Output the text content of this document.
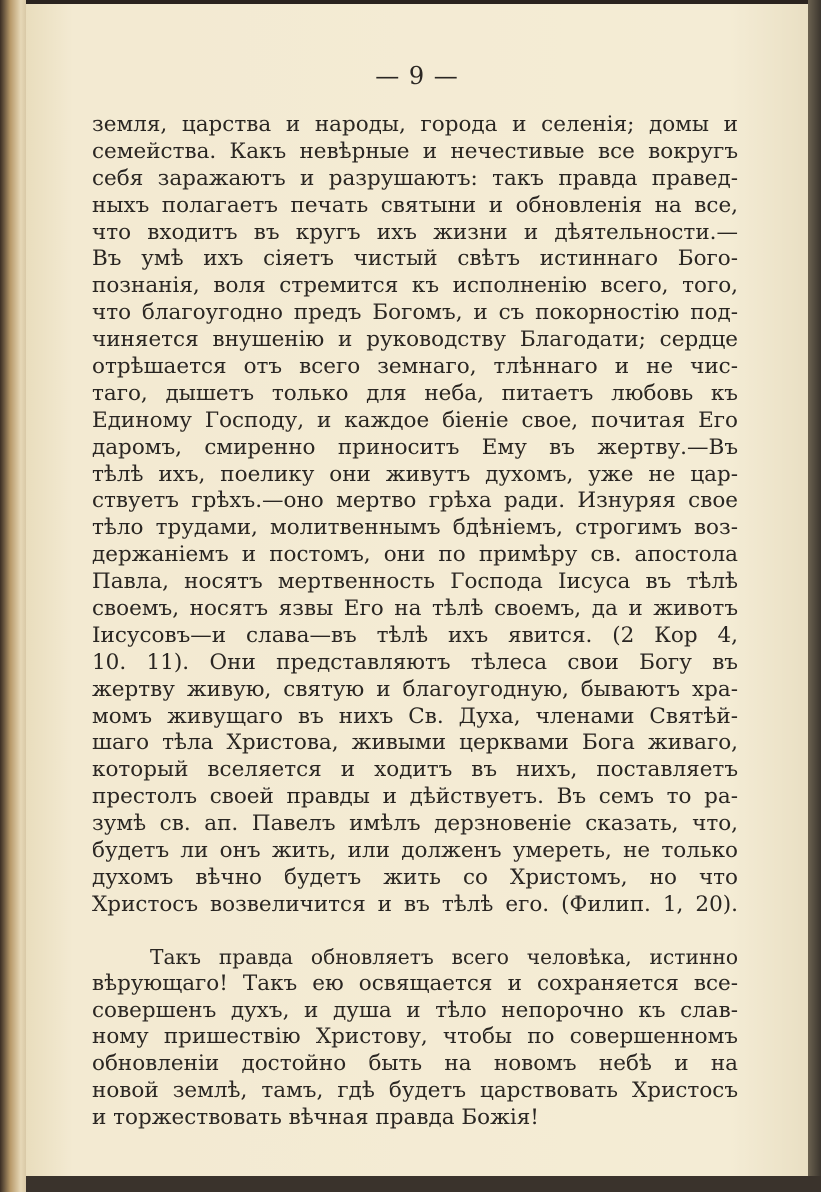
— 9 —
земля, царства и народы, города и селенія; домы и
семейства. Какъ невѣрные и нечестивые все вокругъ
себя заражаютъ и разрушаютъ: такъ правда правед-
ныхъ полагаетъ печать святыни и обновленія на все,
что входитъ въ кругъ ихъ жизни и дѣятельности.—
Въ умѣ ихъ сіяетъ чистый свѣтъ истиннаго Бого-
познанія, воля стремится къ исполненію всего, того,
что благоугодно предъ Богомъ, и съ покорностію под-
чиняется внушенію и руководству Благодати; сердце
отрѣшается отъ всего земнаго, тлѣннаго и не чис-
таго, дышетъ только для неба, питаетъ любовь къ
Единому Господу, и каждое біеніе свое, почитая Его
даромъ, смиренно приноситъ Ему въ жертву.—Въ
тѣлѣ ихъ, поелику они живутъ духомъ, уже не цар-
ствуетъ грѣхъ.—оно мертво грѣха ради. Изнуряя свое
тѣло трудами, молитвеннымъ бдѣніемъ, строгимъ воз-
держаніемъ и постомъ, они по примѣру св. апостола
Павла, носятъ мертвенность Господа Іисуса въ тѣлѣ
своемъ, носятъ язвы Его на тѣлѣ своемъ, да и животъ
Іисусовъ—и слава—въ тѣлѣ ихъ явится. (2 Кор 4,
10. 11). Они представляютъ тѣлеса свои Богу въ
жертву живую, святую и благоугодную, бываютъ хра-
момъ живущаго въ нихъ Св. Духа, членами Святѣй-
шаго тѣла Христова, живыми церквами Бога живаго,
который вселяется и ходитъ въ нихъ, поставляетъ
престолъ своей правды и дѣйствуетъ. Въ семъ то ра-
зумѣ св. ап. Павелъ имѣлъ дерзновеніе сказать, что,
будетъ ли онъ жить, или долженъ умереть, не только
духомъ вѣчно будетъ жить со Христомъ, но что
Христосъ возвеличится и въ тѣлѣ его. (Филип. 1, 20).
Такъ правда обновляетъ всего человѣка, истинно
вѣрующаго! Такъ ею освящается и сохраняется все-
совершенъ духъ, и душа и тѣло непорочно къ слав-
ному пришествію Христову, чтобы по совершенномъ
обновленіи достойно быть на новомъ небѣ и на
новой землѣ, тамъ, гдѣ будетъ царствовать Христосъ
и торжествовать вѣчная правда Божія!
